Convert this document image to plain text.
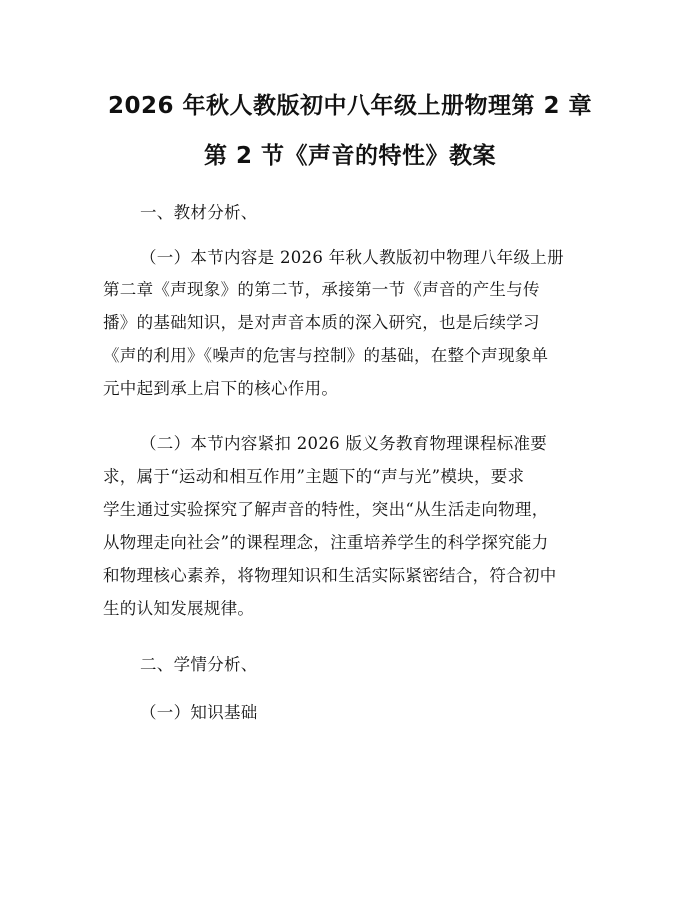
2026 年秋人教版初中八年级上册物理第 2 章
第 2 节《声音的特性》教案
一、教材分析、
（一）本节内容是 2026 年秋人教版初中物理八年级上册
第二章《声现象》的第二节，承接第一节《声音的产生与传
播》的基础知识，是对声音本质的深入研究，也是后续学习
《声的利用》《噪声的危害与控制》的基础，在整个声现象单
元中起到承上启下的核心作用。
（二）本节内容紧扣 2026 版义务教育物理课程标准要
求，属于“运动和相互作用”主题下的“声与光”模块，要求
学生通过实验探究了解声音的特性，突出“从生活走向物理，
从物理走向社会”的课程理念，注重培养学生的科学探究能力
和物理核心素养，将物理知识和生活实际紧密结合，符合初中
生的认知发展规律。
二、学情分析、
（一）知识基础
